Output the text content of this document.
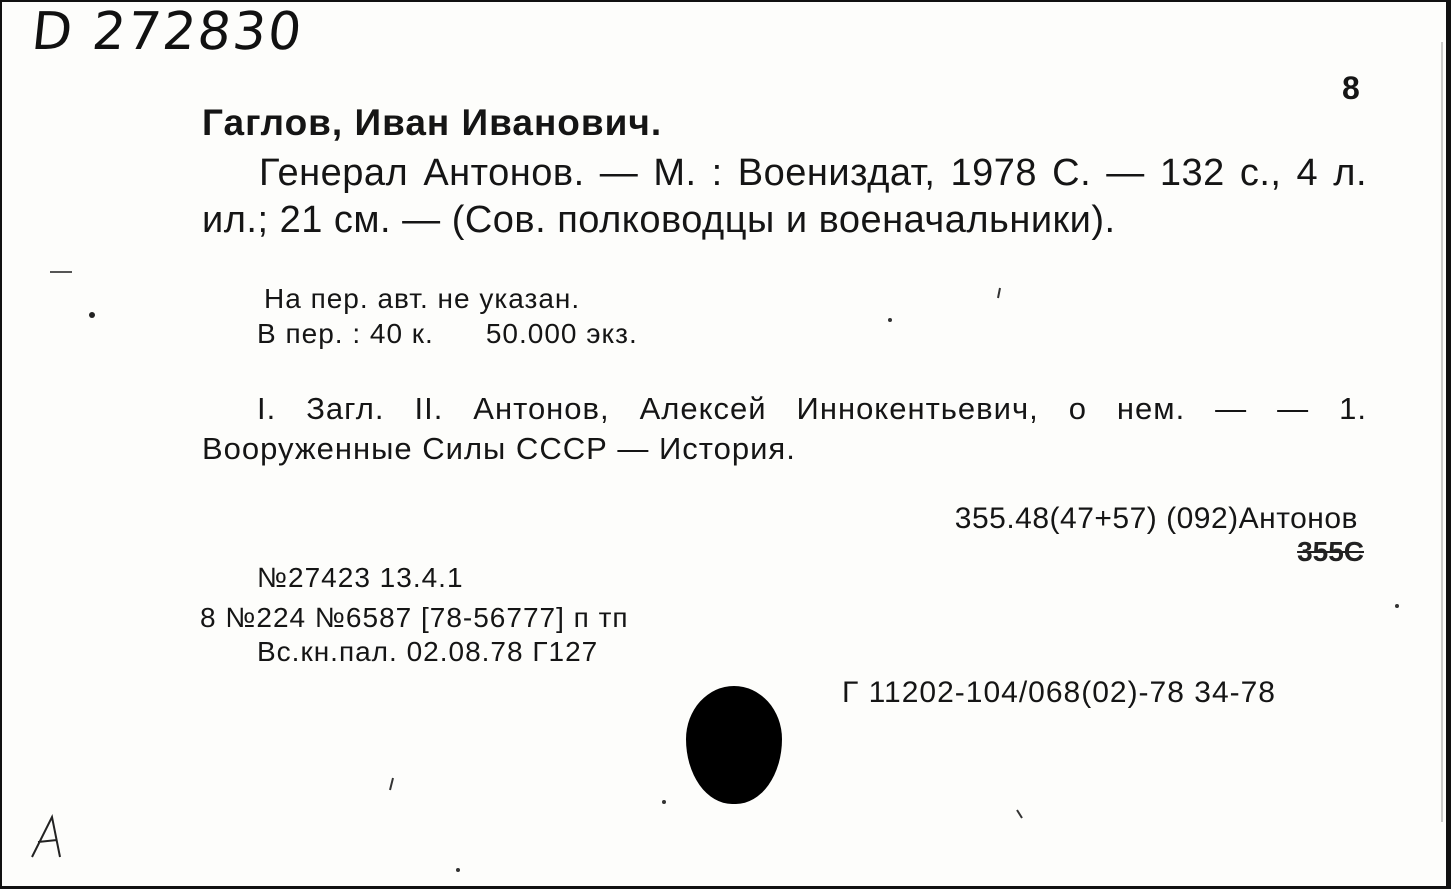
D 272830
8
Гаглов, Иван Иванович.
Генерал Антонов. — М. : Воениздат, 1978 С. — 132 с., 4 л. ил.; 21 см. — (Сов. полководцы и военачальники).
На пер. авт. не указан.
В пер. : 40 к. 50.000 экз.
I. Загл. II. Антонов, Алексей Иннокентьевич, о нем. — — 1. Вооруженные Силы СССР — История.
355.48(47+57) (092)Антонов
355С
№27423 13.4.1
8 №224 №6587 [78-56777] п тп
Вс.кн.пал. 02.08.78 Г127
Г 11202-104/068(02)-78 34-78
